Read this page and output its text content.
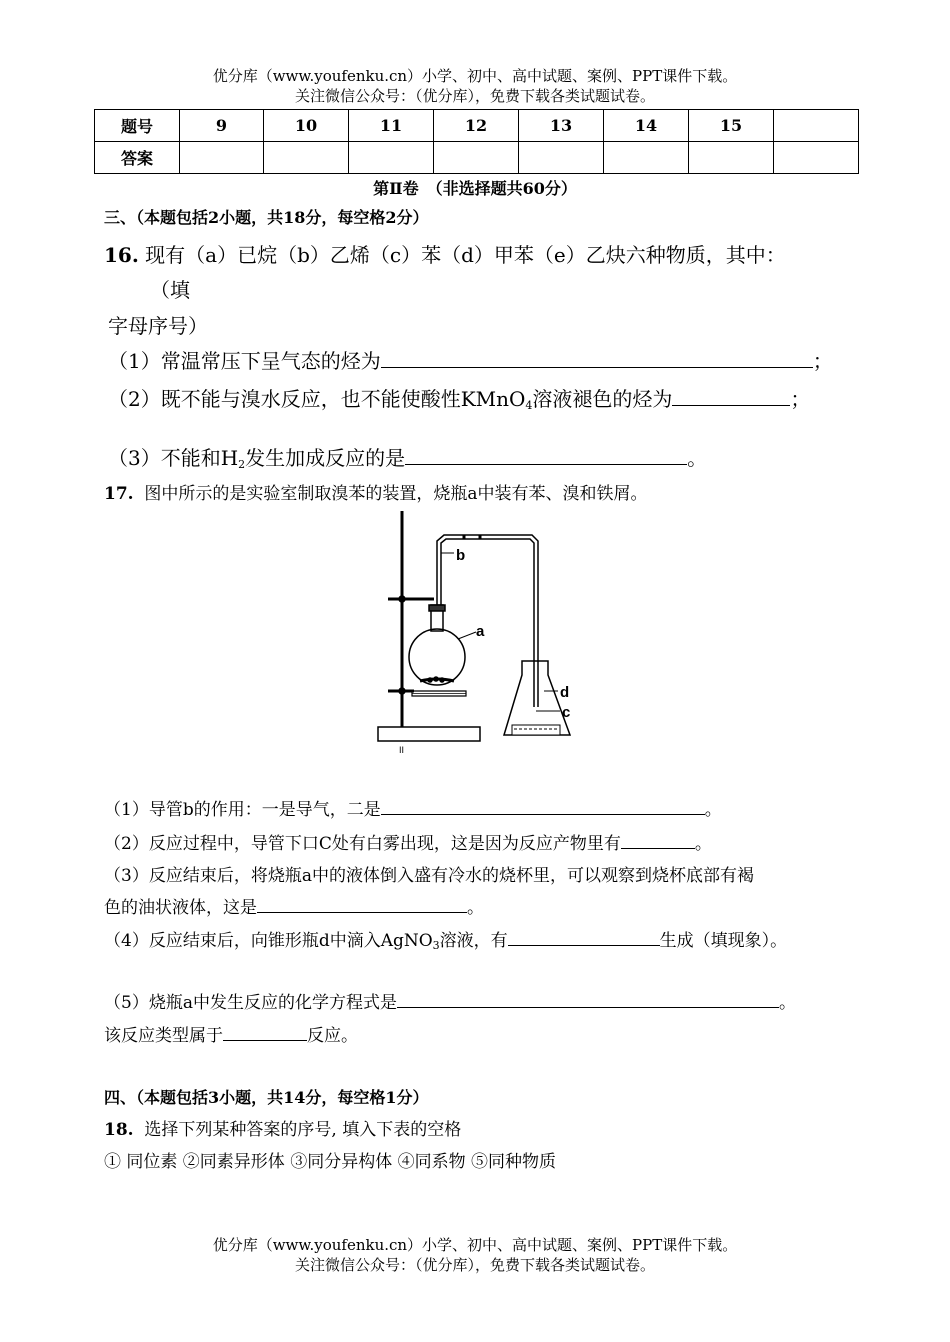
优分库（www.youfenku.cn）小学、初中、高中试题、案例、PPT课件下载。
关注微信公众号：（优分库），免费下载各类试题试卷。
题号	9	10	11	12	13	14	15	
答案								
第Ⅱ卷　（非选择题共60分）
三、（本题包括2小题，共18分，每空格2分）
16. 现有（a）已烷（b）乙烯（c）苯（d）甲苯（e）乙炔六种物质，其中：
（填
字母序号）
（1）常温常压下呈气态的烃为	；
（2）既不能与溴水反应，也不能使酸性KMnO$_4$溶液褪色的烃为	；
（3）不能和$H_2$发生加成反应的是	。
17. 图中所示的是实验室制取溴苯的装置，烧瓶a中装有苯、溴和铁屑。
b
a
d
c
II
（1）导管b的作用：一是导气，二是	。
（2）反应过程中，导管下口C处有白雾出现，这是因为反应产物里有	。
（3）反应结束后，将烧瓶a中的液体倒入盛有冷水的烧杯里，可以观察到烧杯底部有褐
色的油状液体，这是	。
（4）反应结束后，向锥形瓶d中滴入AgNO$_3$溶液，有	生成（填现象）。
（5）烧瓶a中发生反应的化学方程式是	。
该反应类型属于	反应。
四、（本题包括3小题，共14分，每空格1分）
18. 选择下列某种答案的序号, 填入下表的空格
① 同位素 ②同素异形体 ③同分异构体 ④同系物 ⑤同种物质
优分库（www.youfenku.cn）小学、初中、高中试题、案例、PPT课件下载。
关注微信公众号：（优分库），免费下载各类试题试卷。
